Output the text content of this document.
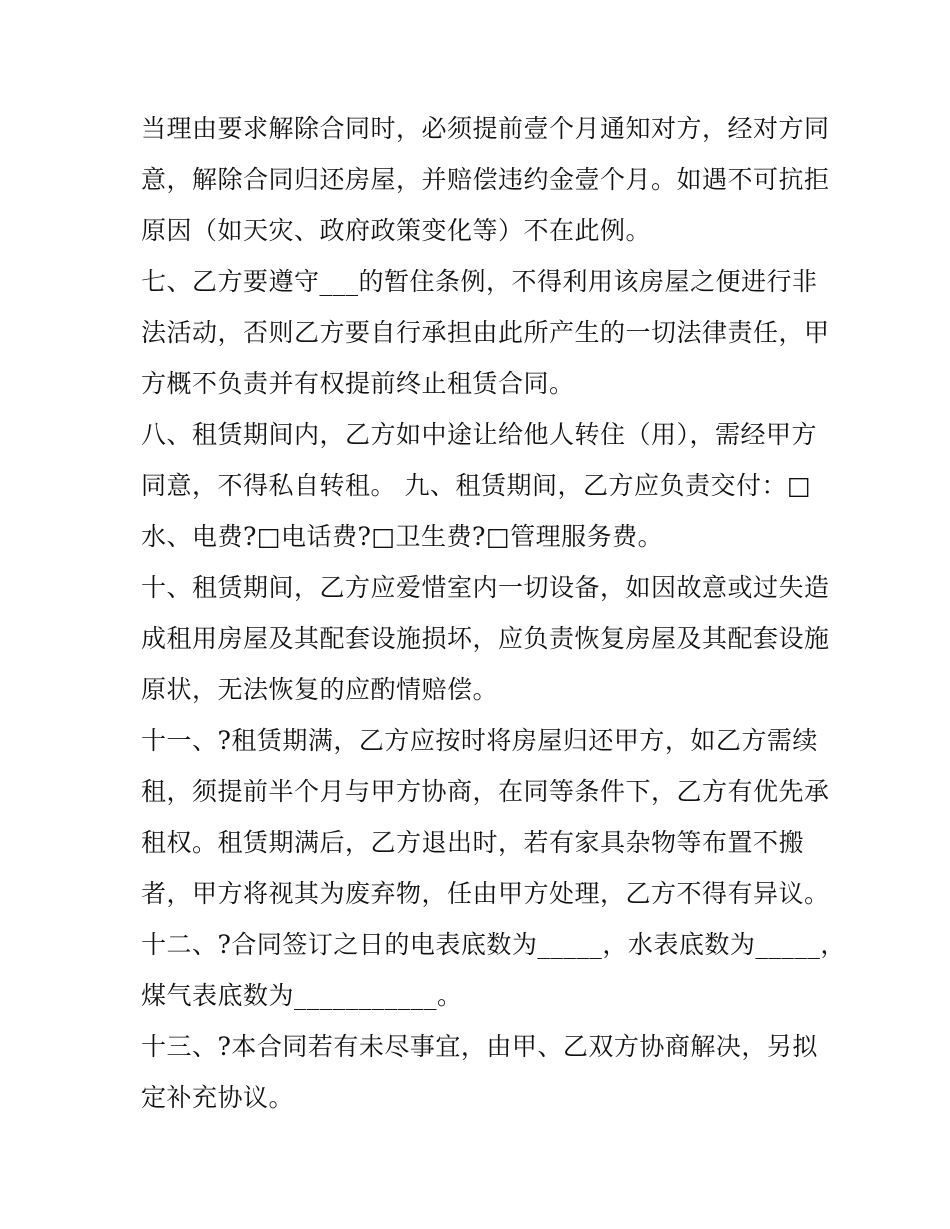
当理由要求解除合同时，必须提前壹个月通知对方，经对方同
意，解除合同归还房屋，并赔偿违约金壹个月。如遇不可抗拒
原因（如天灾、政府政策变化等）不在此例。
七、乙方要遵守___的暂住条例，不得利用该房屋之便进行非
法活动，否则乙方要自行承担由此所产生的一切法律责任，甲
方概不负责并有权提前终止租赁合同。
八、租赁期间内，乙方如中途让给他人转住（用），需经甲方
同意，不得私自转租。 九、租赁期间，乙方应负责交付：□
水、电费?□电话费?□卫生费?□管理服务费。
十、租赁期间，乙方应爱惜室内一切设备，如因故意或过失造
成租用房屋及其配套设施损坏，应负责恢复房屋及其配套设施
原状，无法恢复的应酌情赔偿。
十一、?租赁期满，乙方应按时将房屋归还甲方，如乙方需续
租，须提前半个月与甲方协商，在同等条件下，乙方有优先承
租权。租赁期满后，乙方退出时，若有家具杂物等布置不搬
者，甲方将视其为废弃物，任由甲方处理，乙方不得有异议。
十二、?合同签订之日的电表底数为_____，水表底数为_____，
煤气表底数为___________。
十三、?本合同若有未尽事宜，由甲、乙双方协商解决，另拟
定补充协议。
